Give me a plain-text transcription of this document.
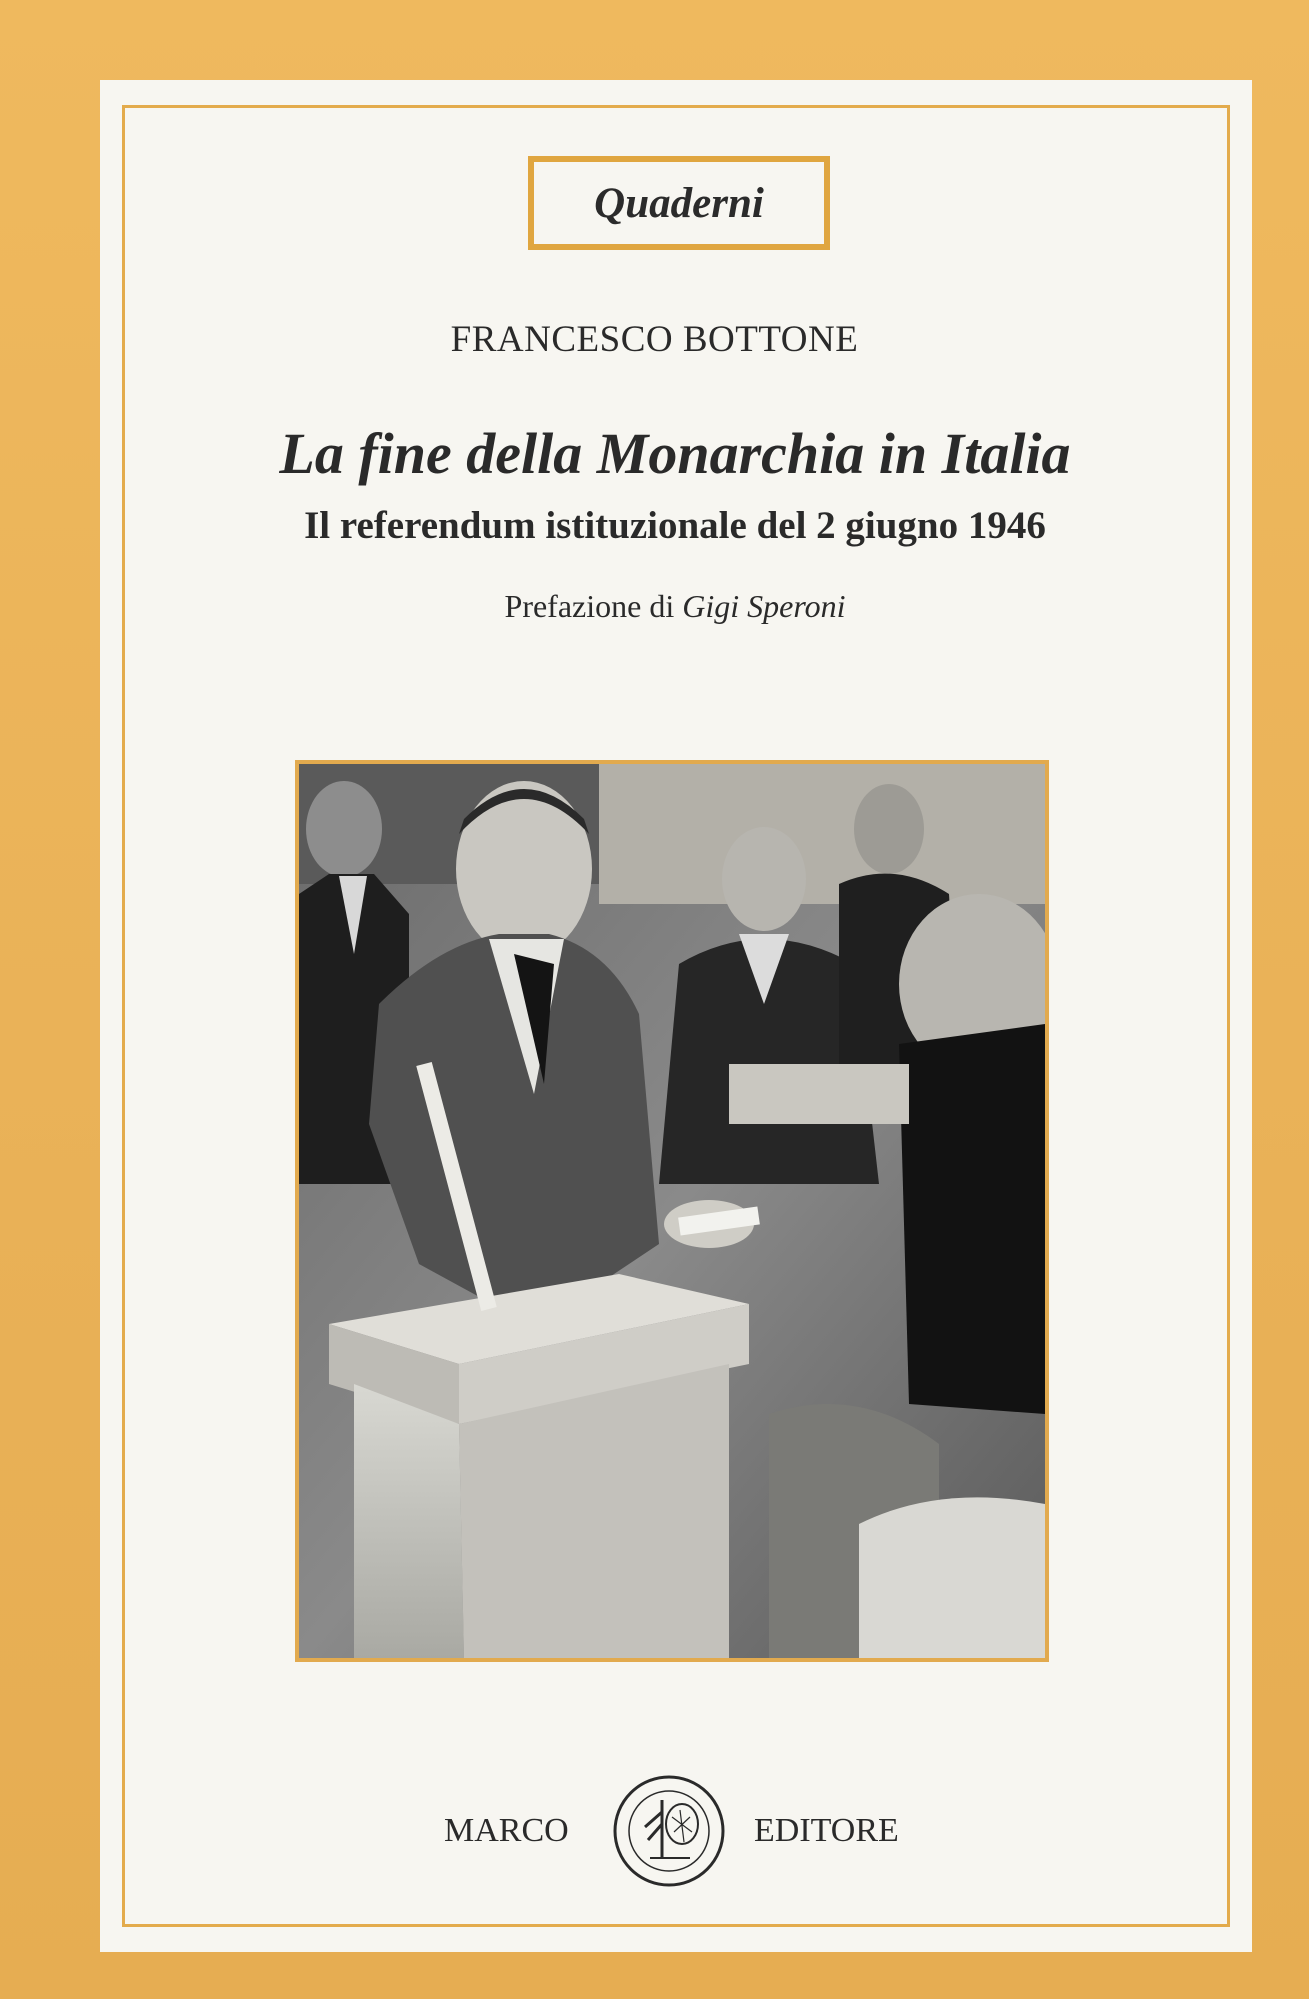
Quaderni
FRANCESCO BOTTONE
La fine della Monarchia in Italia
Il referendum istituzionale del 2 giugno 1946
Prefazione di Gigi Speroni
MARCO	EDITORE
